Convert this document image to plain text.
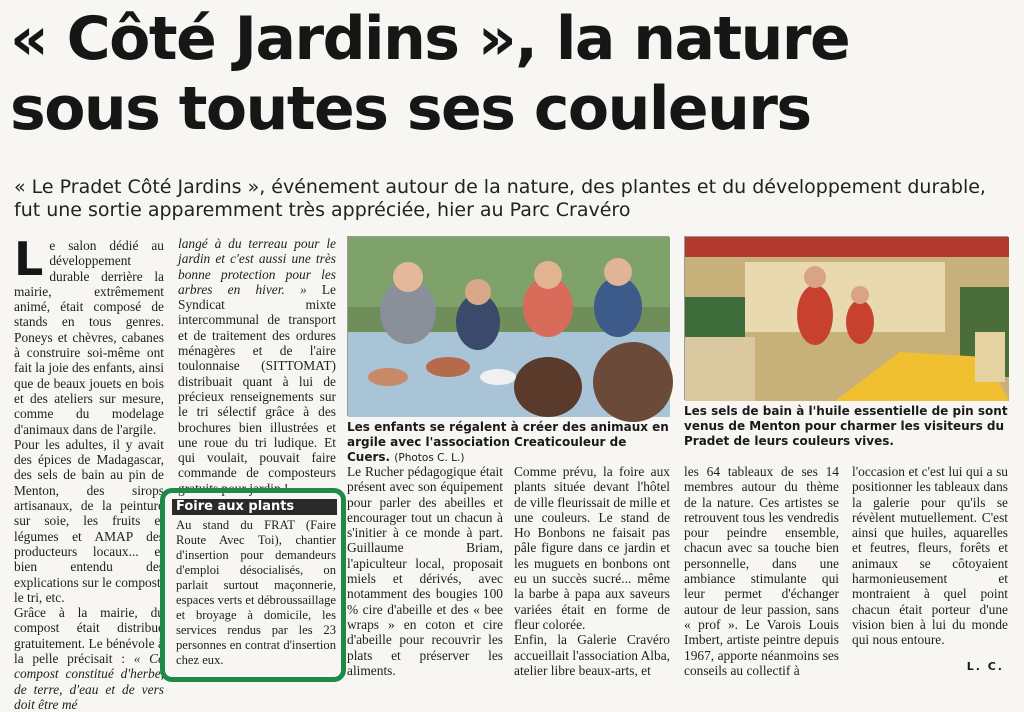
« Côté Jardins », la nature sous toutes ses couleurs
« Le Pradet Côté Jardins », événement autour de la nature, des plantes et du développement durable, fut une sortie apparemment très appréciée, hier au Parc Cravéro

L e salon dédié au développement durable derrière la mairie, extrêmement animé, était composé de stands en tous genres. Poneys et chèvres, cabanes à construire soi-même ont fait la joie des enfants, ainsi que de beaux jouets en bois et des ateliers sur mesure, comme du modelage d'animaux dans de l'argile.

Pour les adultes, il y avait des épices de Madagascar, des sels de bain au pin de Menton, des sirops artisanaux, de la peinture sur soie, les fruits et légumes et AMAP des producteurs locaux... et bien entendu des explications sur le compost, le tri, etc.

Grâce à la mairie, du compost était distribué gratuitement. Le bénévole à la pelle précisait : « Ce compost constitué d'herbe, de terre, d'eau et de vers doit être mé

langé à du terreau pour le jardin et c'est aussi une très bonne protection pour les arbres en hiver. » Le Syndicat mixte intercommunal de transport et de traitement des ordures ménagères et de l'aire toulonnaise (SITTOMAT) distribuait quant à lui de précieux renseignements sur le tri sélectif grâce à des brochures bien illustrées et une roue du tri ludique. Et qui voulait, pouvait faire commande de composteurs gratuits pour jardin !

Foire aux plants
Au stand du FRAT (Faire Route Avec Toi), chantier d'insertion pour demandeurs d'emploi désocialisés, on parlait surtout maçonnerie, espaces verts et débroussaillage et broyage à domicile, les services rendus par les 23 personnes en contrat d'insertion chez eux.
Les enfants se régalent à créer des animaux en argile avec l'association Creaticouleur de Cuers. (Photos C. L.)
Les sels de bain à l'huile essentielle de pin sont venus de Menton pour charmer les visiteurs du Pradet de leurs couleurs vives.
Le Rucher pédagogique était présent avec son équipement pour parler des abeilles et encourager tout un chacun à s'initier à ce monde à part. Guillaume Briam, l'apiculteur local, proposait miels et dérivés, avec notamment des bougies 100 % cire d'abeille et des « bee wraps » en coton et cire d'abeille pour recouvrir les plats et préserver les aliments.

Comme prévu, la foire aux plants située devant l'hôtel de ville fleurissait de mille et une couleurs. Le stand de Ho Bonbons ne faisait pas pâle figure dans ce jardin et les muguets en bonbons ont eu un succès sucré... même la barbe à papa aux saveurs variées était en forme de fleur colorée.

Enfin, la Galerie Cravéro accueillait l'association Alba, atelier libre beaux-arts, et

les 64 tableaux de ses 14 membres autour du thème de la nature. Ces artistes se retrouvent tous les vendredis pour peindre ensemble, chacun avec sa touche bien personnelle, dans une ambiance stimulante qui leur permet d'échanger autour de leur passion, sans « prof ». Le Varois Louis Imbert, artiste peintre depuis 1967, apporte néanmoins ses conseils au collectif à
l'occasion et c'est lui qui a su positionner les tableaux dans la galerie pour qu'ils se révèlent mutuellement. C'est ainsi que huiles, aquarelles et feutres, fleurs, forêts et animaux se côtoyaient harmonieusement et montraient à quel point chacun était porteur d'une vision bien à lui du monde qui nous entoure.
L. C.
